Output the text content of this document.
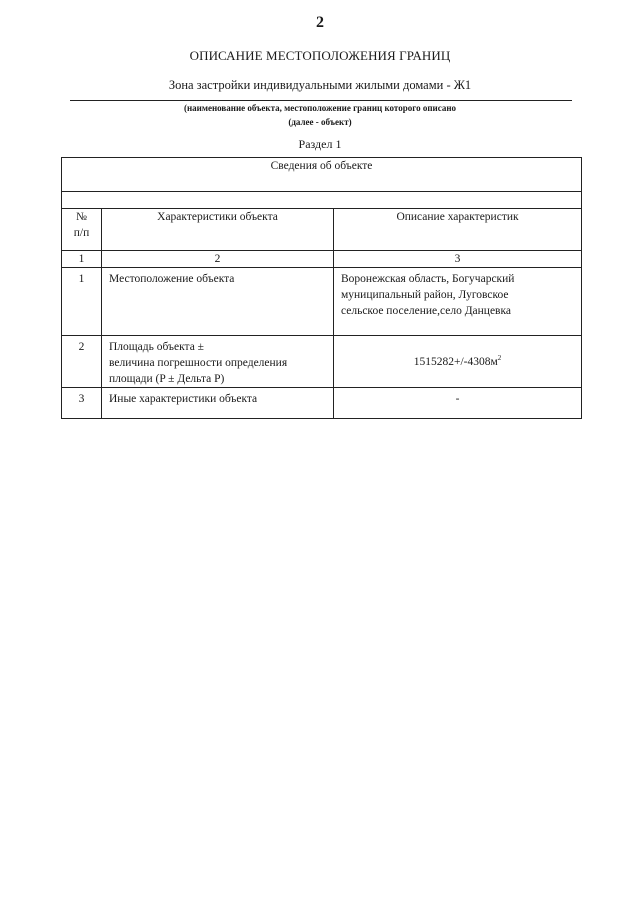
2
ОПИСАНИЕ МЕСТОПОЛОЖЕНИЯ ГРАНИЦ
Зона застройки индивидуальными жилыми домами - Ж1
(наименование объекта, местоположение границ которого описано
(далее - объект)
Раздел 1
Сведения об объекте		

№
п/п	Характеристики объекта	Описание характеристик
1	2	3
1	Местоположение объекта	Воронежская область, Богучарский
муниципальный район, Луговское
сельское поселение,село Данцевка

2	Площадь объекта ±
величина погрешности определения
площади (P ± Дельта P)	$1515282+/-4308м^2$
3	Иные характеристики объекта	-
